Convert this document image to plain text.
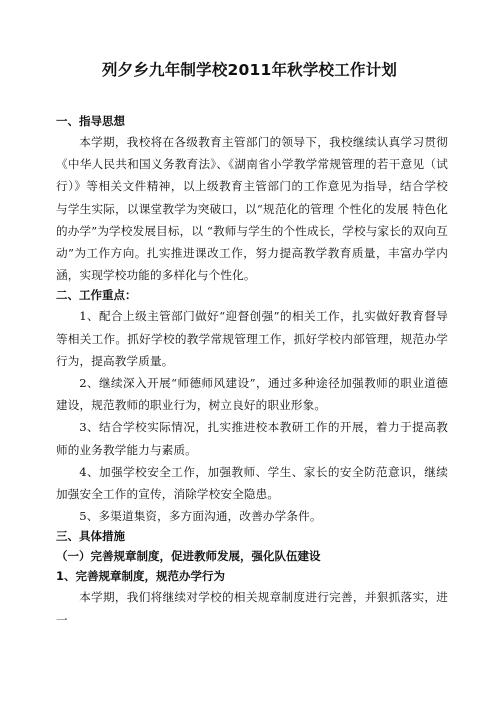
列夕乡九年制学校2011年秋学校工作计划

一、指导思想

本学期，我校将在各级教育主管部门的领导下，我校继续认真学习贯彻《中华人民共和国义务教育法》、《湖南省小学教学常规管理的若干意见（试行）》等相关文件精神，以上级教育主管部门的工作意见为指导，结合学校与学生实际，以课堂教学为突破口，以“规范化的管理 个性化的发展 特色化的办学”为学校发展目标，以 “教师与学生的个性成长，学校与家长的双向互动”为工作方向。扎实推进课改工作，努力提高教学教育质量，丰富办学内涵，实现学校功能的多样化与个性化。

二、工作重点：

1、配合上级主管部门做好“迎督创强”的相关工作，扎实做好教育督导等相关工作。抓好学校的教学常规管理工作，抓好学校内部管理，规范办学行为，提高教学质量。

2、继续深入开展“师德师风建设”，通过多种途径加强教师的职业道德建设，规范教师的职业行为，树立良好的职业形象。

3、结合学校实际情况，扎实推进校本教研工作的开展，着力于提高教师的业务教学能力与素质。

4、加强学校安全工作，加强教师、学生、家长的安全防范意识，继续加强安全工作的宣传，消除学校安全隐患。

5、多渠道集资，多方面沟通，改善办学条件。

三、具体措施

（一）完善规章制度，促进教师发展，强化队伍建设

1、完善规章制度，规范办学行为

本学期，我们将继续对学校的相关规章制度进行完善，并狠抓落实，进一
